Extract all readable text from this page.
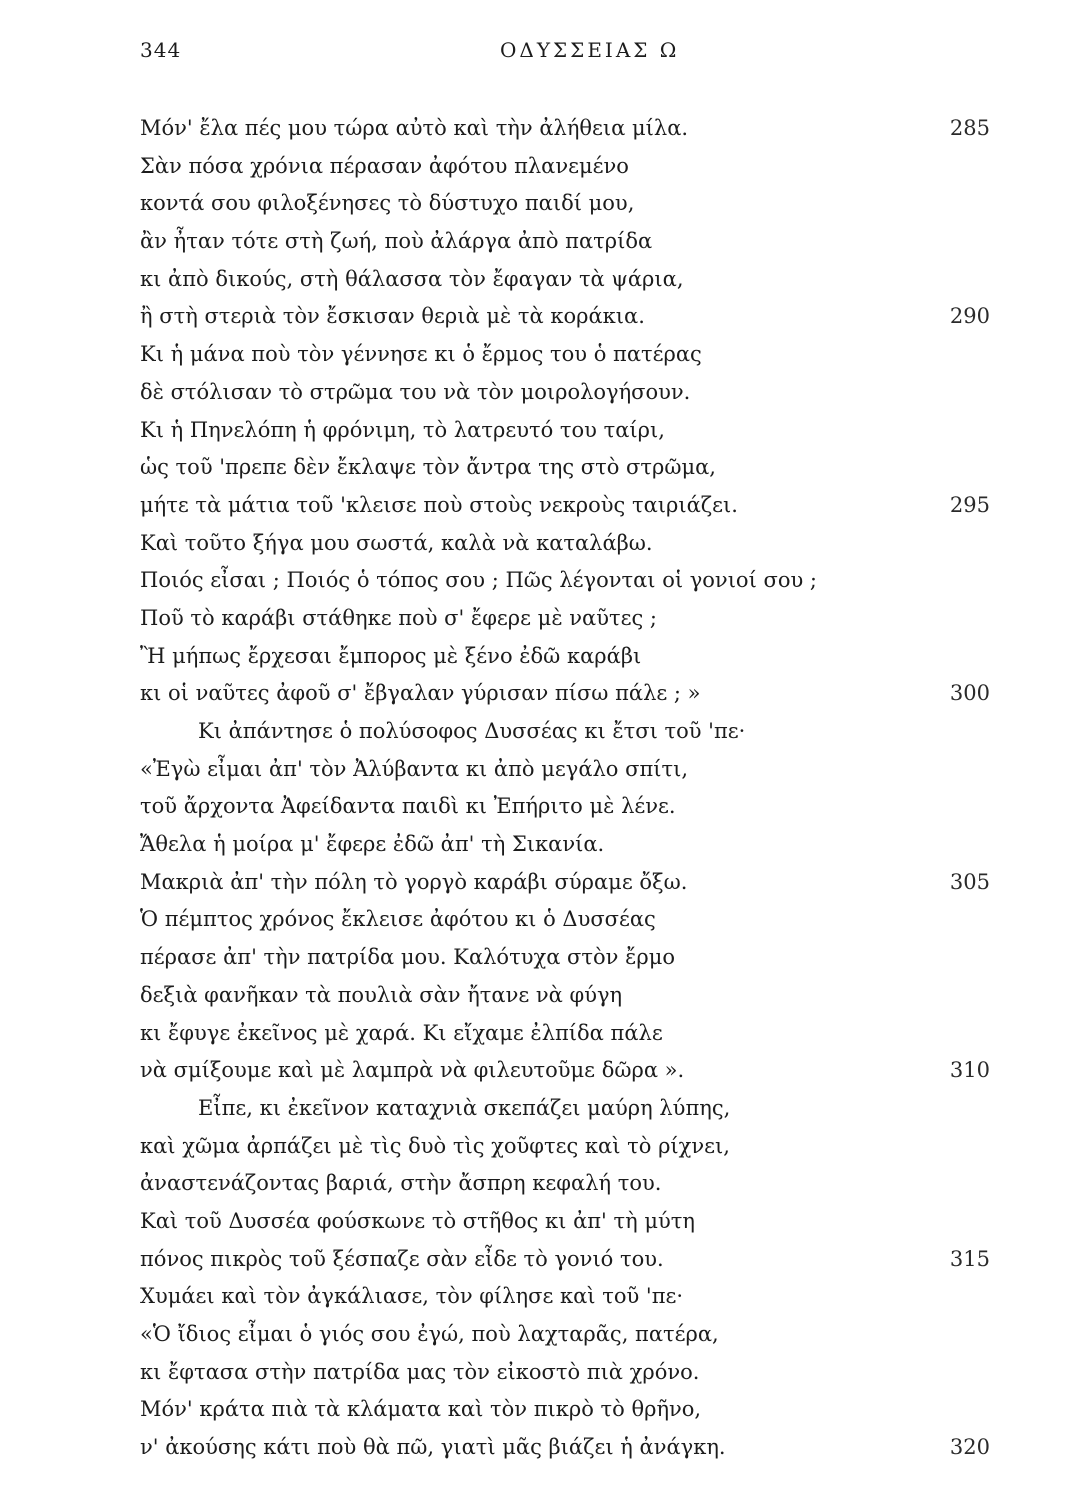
344	ΟΔΥΣΣΕΙΑΣ Ω
Μόν' ἔλα πές μου τώρα αὐτὸ καὶ τὴν ἀλήθεια μίλα.	285
Σὰν πόσα χρόνια πέρασαν ἀφότου πλανεμένο
κοντά σου φιλοξένησες τὸ δύστυχο παιδί μου,
ἂν ἦταν τότε στὴ ζωή, ποὺ ἀλάργα ἀπὸ πατρίδα
κι ἀπὸ δικούς, στὴ θάλασσα τὸν ἔφαγαν τὰ ψάρια,
ἢ στὴ στεριὰ τὸν ἔσκισαν θεριὰ μὲ τὰ κοράκια.	290
Κι ἡ μάνα ποὺ τὸν γέννησε κι ὁ ἔρμος του ὁ πατέρας
δὲ στόλισαν τὸ στρῶμα του νὰ τὸν μοιρολογήσουν.
Κι ἡ Πηνελόπη ἡ φρόνιμη, τὸ λατρευτό του ταίρι,
ὡς τοῦ 'πρεπε δὲν ἔκλαψε τὸν ἄντρα της στὸ στρῶμα,
μήτε τὰ μάτια τοῦ 'κλεισε ποὺ στοὺς νεκροὺς ταιριάζει.	295
Καὶ τοῦτο ξήγα μου σωστά, καλὰ νὰ καταλάβω.
Ποιός εἶσαι ; Ποιός ὁ τόπος σου ; Πῶς λέγονται οἱ γονιοί σου ;
Ποῦ τὸ καράβι στάθηκε ποὺ σ' ἔφερε μὲ ναῦτες ;
Ἢ μήπως ἔρχεσαι ἔμπορος μὲ ξένο ἐδῶ καράβι
κι οἱ ναῦτες ἀφοῦ σ' ἔβγαλαν γύρισαν πίσω πάλε ; »	300
Κι ἀπάντησε ὁ πολύσοφος Δυσσέας κι ἔτσι τοῦ 'πε·
«Ἐγὼ εἶμαι ἀπ' τὸν Ἀλύβαντα κι ἀπὸ μεγάλο σπίτι,
τοῦ ἄρχοντα Ἀφείδαντα παιδὶ κι Ἐπήριτο μὲ λένε.
Ἄθελα ἡ μοίρα μ' ἔφερε ἐδῶ ἀπ' τὴ Σικανία.
Μακριὰ ἀπ' τὴν πόλη τὸ γοργὸ καράβι σύραμε ὄξω.	305
Ὁ πέμπτος χρόνος ἔκλεισε ἀφότου κι ὁ Δυσσέας
πέρασε ἀπ' τὴν πατρίδα μου. Καλότυχα στὸν ἔρμο
δεξιὰ φανῆκαν τὰ πουλιὰ σὰν ἤτανε νὰ φύγη
κι ἔφυγε ἐκεῖνος μὲ χαρά. Κι εἴχαμε ἐλπίδα πάλε
νὰ σμίξουμε καὶ μὲ λαμπρὰ νὰ φιλευτοῦμε δῶρα ».	310
Εἶπε, κι ἐκεῖνον καταχνιὰ σκεπάζει μαύρη λύπης,
καὶ χῶμα ἀρπάζει μὲ τὶς δυὸ τὶς χοῦφτες καὶ τὸ ρίχνει,
ἀναστενάζοντας βαριά, στὴν ἄσπρη κεφαλή του.
Καὶ τοῦ Δυσσέα φούσκωνε τὸ στῆθος κι ἀπ' τὴ μύτη
πόνος πικρὸς τοῦ ξέσπαζε σὰν εἶδε τὸ γονιό του.	315
Χυμάει καὶ τὸν ἀγκάλιασε, τὸν φίλησε καὶ τοῦ 'πε·
«Ὁ ἴδιος εἶμαι ὁ γιός σου ἐγώ, ποὺ λαχταρᾶς, πατέρα,
κι ἔφτασα στὴν πατρίδα μας τὸν εἰκοστὸ πιὰ χρόνο.
Μόν' κράτα πιὰ τὰ κλάματα καὶ τὸν πικρὸ τὸ θρῆνο,
ν' ἀκούσης κάτι ποὺ θὰ πῶ, γιατὶ μᾶς βιάζει ἡ ἀνάγκη.	320
